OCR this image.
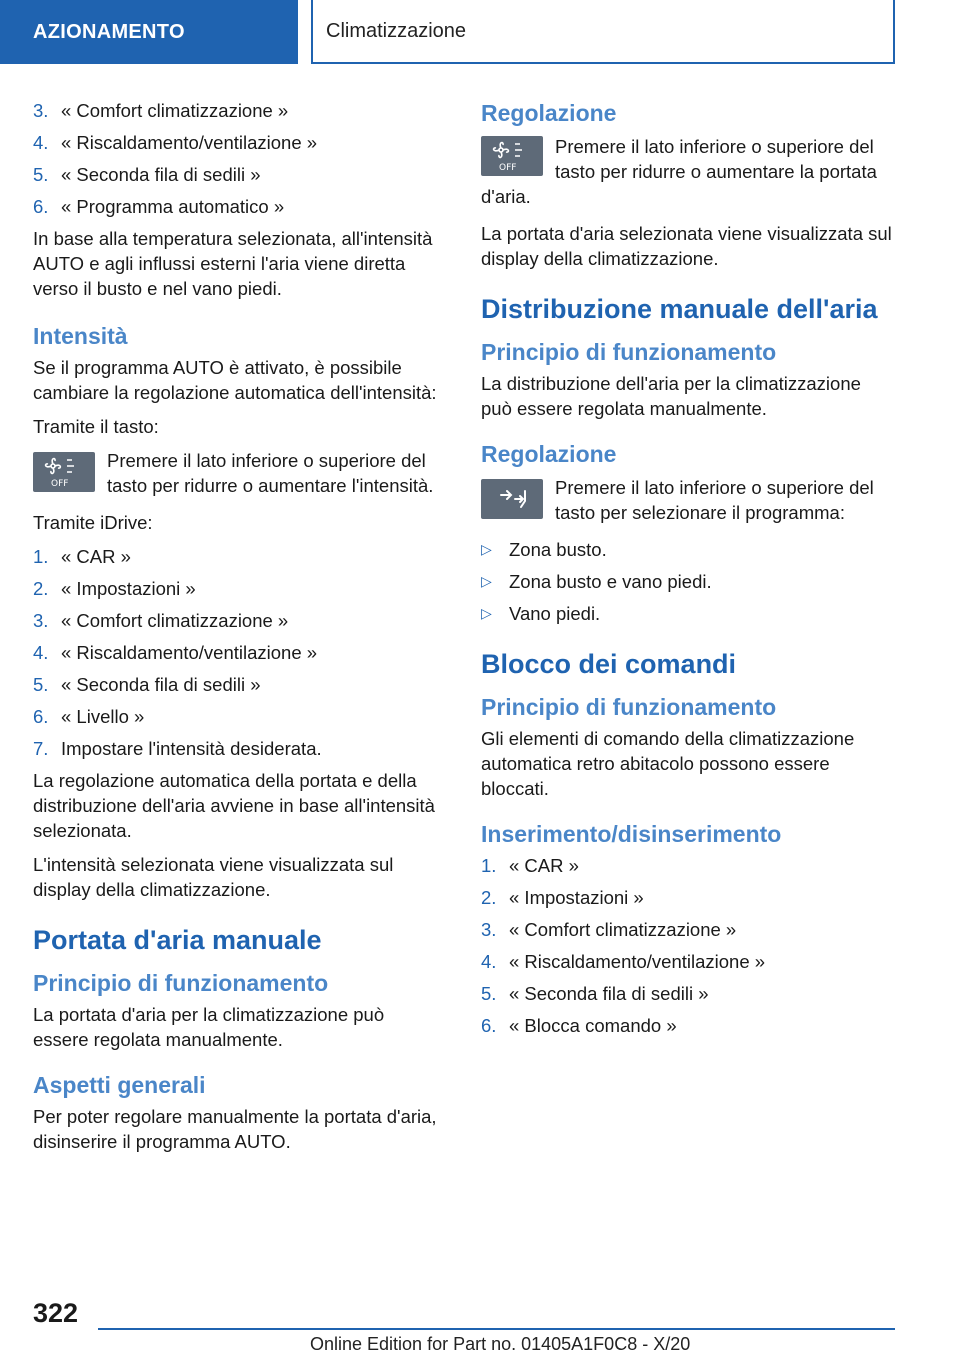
AZIONAMENTO	Climatizzazione
3. « Comfort climatizzazione »
4. « Riscaldamento/ventilazione »
5. « Seconda fila di sedili »
6. « Programma automatico »

In base alla temperatura selezionata, all'intensità AUTO e agli influssi esterni l'aria viene diretta verso il busto e nel vano piedi.

Intensità

Se il programma AUTO è attivato, è possibile cambiare la regolazione automatica dell'intensità:

Tramite il tasto:

OFF
Premere il lato inferiore o superiore del tasto per ridurre o aumentare l'intensità.

Tramite iDrive:

1. « CAR »
2. « Impostazioni »
3. « Comfort climatizzazione »
4. « Riscaldamento/ventilazione »
5. « Seconda fila di sedili »
6. « Livello »
7. Impostare l'intensità desiderata.

La regolazione automatica della portata e della distribuzione dell'aria avviene in base all'intensità selezionata.

L'intensità selezionata viene visualizzata sul display della climatizzazione.

Portata d'aria manuale
Principio di funzionamento

La portata d'aria per la climatizzazione può essere regolata manualmente.

Aspetti generali

Per poter regolare manualmente la portata d'aria, disinserire il programma AUTO.

Regolazione
OFF
Premere il lato inferiore o superiore del tasto per ridurre o aumentare la portata d'aria.

La portata d'aria selezionata viene visualizzata sul display della climatizzazione.

Distribuzione manuale dell'aria
Principio di funzionamento

La distribuzione dell'aria per la climatizzazione può essere regolata manualmente.

Regolazione
Premere il lato inferiore o superiore del tasto per selezionare il programma:
▷ Zona busto.
▷ Zona busto e vano piedi.
▷ Vano piedi.
Blocco dei comandi
Principio di funzionamento

Gli elementi di comando della climatizzazione automatica retro abitacolo possono essere bloccati.

Inserimento/disinserimento
1. « CAR »
2. « Impostazioni »
3. « Comfort climatizzazione »
4. « Riscaldamento/ventilazione »
5. « Seconda fila di sedili »
6. « Blocca comando »
322
Online Edition for Part no. 01405A1F0C8 - X/20
